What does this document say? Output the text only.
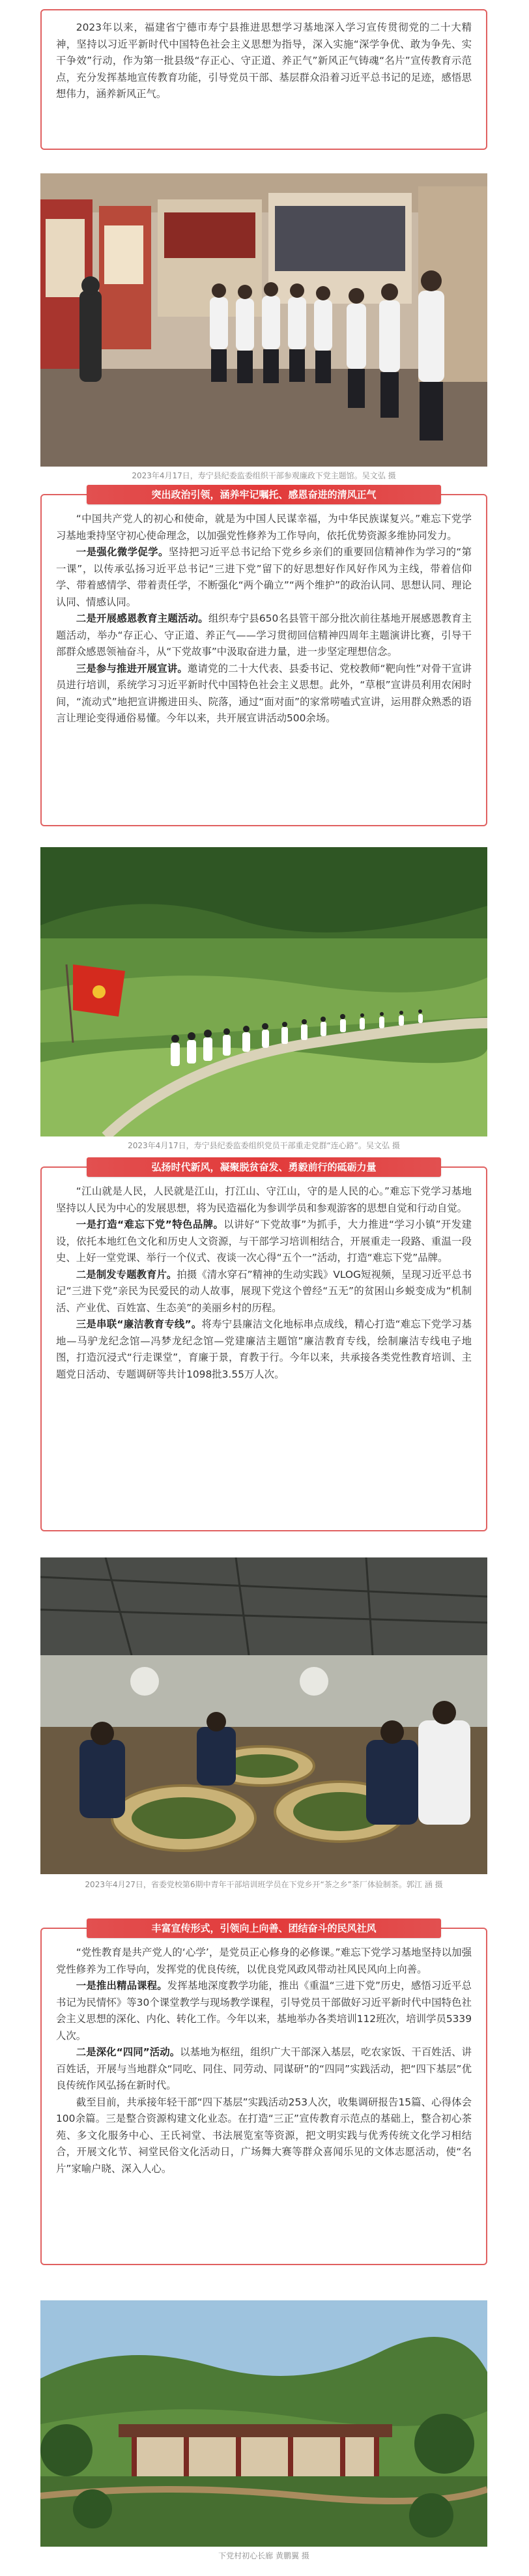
2023年以来，福建省宁德市寿宁县推进思想学习基地深入学习宣传贯彻党的二十大精神，坚持以习近平新时代中国特色社会主义思想为指导，深入实施“深学争优、敢为争先、实干争效”行动，作为第一批县级“存正心、守正道、养正气”新风正气铸魂“名片”宣传教育示范点，充分发挥基地宣传教育功能，引导党员干部、基层群众沿着习近平总书记的足迹，感悟思想伟力，涵养新风正气。

2023年4月17日，寿宁县纪委监委组织干部参观廉政下党主题馆。吴文弘 摄
突出政治引领，涵养牢记嘱托、感恩奋进的清风正气

“中国共产党人的初心和使命，就是为中国人民谋幸福，为中华民族谋复兴。”难忘下党学习基地秉持坚守初心使命理念，以加强党性修养为工作导向，依托优势资源多维协同发力。

一是强化微学促学。坚持把习近平总书记给下党乡乡亲们的重要回信精神作为学习的“第一课”，以传承弘扬习近平总书记“三进下党”留下的好思想好作风好作风为主线，带着信仰学、带着感情学、带着责任学，不断强化“两个确立”“两个维护”的政治认同、思想认同、理论认同、情感认同。

二是开展感恩教育主题活动。组织寿宁县650名县管干部分批次前往基地开展感恩教育主题活动，举办“存正心、守正道、养正气——学习贯彻回信精神四周年主题演讲比赛，引导干部群众感恩领袖奋斗，从“下党故事”中汲取奋进力量，进一步坚定理想信念。

三是参与推进开展宣讲。邀请党的二十大代表、县委书记、党校教师“靶向性”对骨干宣讲员进行培训，系统学习习近平新时代中国特色社会主义思想。此外，“草根”宣讲员利用农闲时间，“流动式”地把宣讲搬进田头、院落，通过“面对面”的家常唠嗑式宣讲，运用群众熟悉的语言让理论变得通俗易懂。今年以来，共开展宣讲活动500余场。

2023年4月17日，寿宁县纪委监委组织党员干部重走党群“连心路”。吴文弘 摄
弘扬时代新风，凝聚脱贫奋发、勇毅前行的砥砺力量

“江山就是人民，人民就是江山，打江山、守江山，守的是人民的心。”难忘下党学习基地坚持以人民为中心的发展思想，将为民造福化为参训学员和参观游客的思想自觉和行动自觉。

一是打造“难忘下党”特色品牌。以讲好“下党故事”为抓手，大力推进“学习小镇”开发建设，依托本地红色文化和历史人文资源，与干部学习培训相结合，开展重走一段路、重温一段史、上好一堂党课、举行一个仪式、夜谈一次心得“五个一”活动，打造“难忘下党”品牌。

二是制发专题教育片。拍摄《清水穿石”精神的生动实践》VLOG短视频，呈现习近平总书记“三进下党”亲民为民爱民的动人故事，展现下党这个曾经“五无”的贫困山乡蜕变成为“机制活、产业优、百姓富、生态美”的美丽乡村的历程。

三是串联“廉洁教育专线”。将寿宁县廉洁文化地标串点成线，精心打造“难忘下党学习基地—马驴龙纪念馆—冯梦龙纪念馆—党建廉洁主题馆”廉洁教育专线，绘制廉洁专线电子地图，打造沉浸式“行走课堂”，育廉于景，育教于行。今年以来，共承接各类党性教育培训、主题党日活动、专题调研等共计1098批3.55万人次。

2023年4月27日，省委党校第6期中青年干部培训班学员在下党乡开“茶之乡”茶厂体验制茶。郭江 涵 摄
丰富宣传形式，引领向上向善、团结奋斗的民风社风

“党性教育是共产党人的‘心学’，是党员正心修身的必修课。”难忘下党学习基地坚持以加强党性修养为工作导向，发挥党的优良传统，以优良党风政风带动社风民风向上向善。

一是推出精品课程。发挥基地深度教学功能，推出《重温“三进下党”历史，感悟习近平总书记为民情怀》等30个课堂教学与现场教学课程，引导党员干部做好习近平新时代中国特色社会主义思想的深化、内化、转化工作。今年以来，基地举办各类培训112班次，培训学员5339人次。

二是深化“四同”活动。以基地为枢纽，组织广大干部深入基层，吃农家饭、干百姓活、讲百姓话，开展与当地群众“同吃、同住、同劳动、同谋研”的“四同”实践活动，把“四下基层”优良传统作风弘扬在新时代。

截至目前，共承接年轻干部“四下基层”实践活动253人次，收集调研报告15篇、心得体会100余篇。三是整合资源构建文化业态。在打造“三正”宣传教育示范点的基础上，整合初心茶苑、多文化服务中心、王氏祠堂、书法展览室等资源，把文明实践与优秀传统文化学习相结合，开展文化节、祠堂民俗文化活动日，广场舞大赛等群众喜闻乐见的文体志愿活动，使“名片”家喻户晓、深入人心。

下党村初心长廊 黄鹏翼 摄
